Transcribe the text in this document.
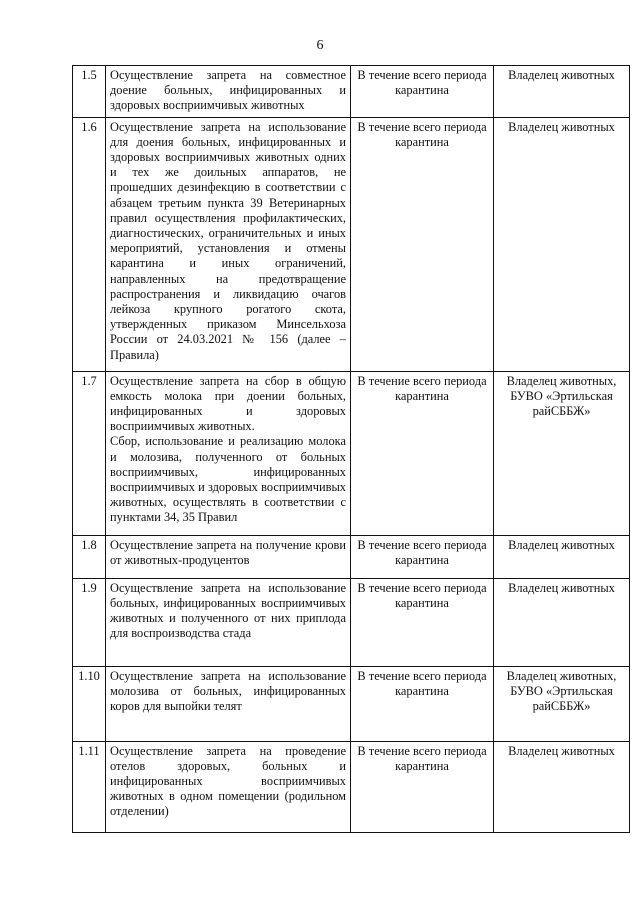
6
1.5	Осуществление запрета на совместное доение больных, инфицированных и здоровых восприимчивых животных	В течение всего периода карантина	Владелец животных
1.6	Осуществление запрета на использование для доения больных, инфицированных и здоровых восприимчивых животных одних и тех же доильных аппаратов, не прошедших дезинфекцию в соответствии с абзацем третьим пункта 39 Ветеринарных правил осуществления профилактических, диагностических, ограничительных и иных мероприятий, установления и отмены карантина и иных ограничений, направленных на предотвращение распространения и ликвидацию очагов лейкоза крупного рогатого скота, утвержденных приказом Минсельхоза России от 24.03.2021 № 156 (далее – Правила)	В течение всего периода карантина	Владелец животных
1.7	Осуществление запрета на сбор в общую емкость молока при доении больных, инфицированных и здоровых восприимчивых животных.
Сбор, использование и реализацию молока и молозива, полученного от больных восприимчивых, инфицированных восприимчивых и здоровых восприимчивых животных, осуществлять в соответствии с пунктами 34, 35 Правил	В течение всего периода карантина	Владелец животных, БУВО «Эртильская райСББЖ»
1.8	Осуществление запрета на получение крови от животных-продуцентов	В течение всего периода карантина	Владелец животных
1.9	Осуществление запрета на использование больных, инфицированных восприимчивых животных и полученного от них приплода для воспроизводства стада	В течение всего периода карантина	Владелец животных
1.10	Осуществление запрета на использование молозива от больных, инфицированных коров для выпойки телят	В течение всего периода карантина	Владелец животных, БУВО «Эртильская райСББЖ»
1.11	Осуществление запрета на проведение отелов здоровых, больных и инфицированных восприимчивых животных в одном помещении (родильном отделении)	В течение всего периода карантина	Владелец животных
